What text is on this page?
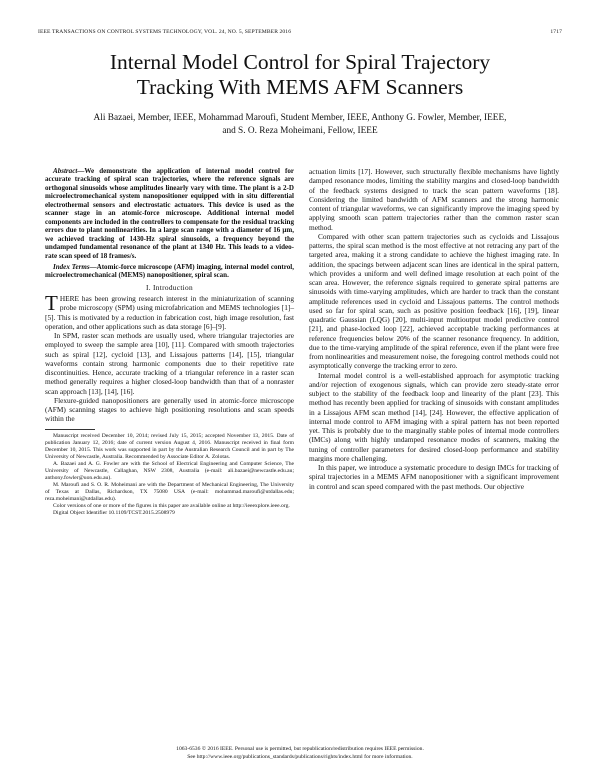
IEEE TRANSACTIONS ON CONTROL SYSTEMS TECHNOLOGY, VOL. 24, NO. 5, SEPTEMBER 2016	1717
Internal Model Control for Spiral Trajectory
Tracking With MEMS AFM Scanners
Ali Bazaei, Member, IEEE, Mohammad Maroufi, Student Member, IEEE, Anthony G. Fowler, Member, IEEE,
and S. O. Reza Moheimani, Fellow, IEEE

Abstract—We demonstrate the application of internal model control for accurate tracking of spiral scan trajectories, where the reference signals are orthogonal sinusoids whose amplitudes linearly vary with time. The plant is a 2-D microelectromechanical system nanopositioner equipped with in situ differential electrothermal sensors and electrostatic actuators. This device is used as the scanner stage in an atomic-force microscope. Additional internal model components are included in the controllers to compensate for the residual tracking errors due to plant nonlinearities. In a large scan range with a diameter of 16 μm, we achieved tracking of 1430-Hz spiral sinusoids, a frequency beyond the undamped fundamental resonance of the plant at 1340 Hz. This leads to a video-rate scan speed of 18 frames/s.

Index Terms—Atomic-force microscope (AFM) imaging, internal model control, microelectromechanical (MEMS) nanopositioner, spiral scan.

I. Introduction

THERE has been growing research interest in the miniaturization of scanning probe microscopy (SPM) using microfabrication and MEMS technologies [1]–[5]. This is motivated by a reduction in fabrication cost, high image resolution, fast operation, and other applications such as data storage [6]–[9].

In SPM, raster scan methods are usually used, where triangular trajectories are employed to sweep the sample area [10], [11]. Compared with smooth trajectories such as spiral [12], cycloid [13], and Lissajous patterns [14], [15], triangular waveforms contain strong harmonic components due to their repetitive rate discontinuities. Hence, accurate tracking of a triangular reference in a raster scan method generally requires a higher closed-loop bandwidth than that of a nonraster scan approach [13], [14], [16].

Flexure-guided nanopositioners are generally used in atomic-force microscope (AFM) scanning stages to achieve high positioning resolutions and scan speeds within the

Manuscript received December 10, 2014; revised July 15, 2015; accepted November 13, 2015. Date of publication January 12, 2016; date of current version August 4, 2016. Manuscript received in final form December 10, 2015. This work was supported in part by the Australian Research Council and in part by The University of Newcastle, Australia. Recommended by Associate Editor A. Zolotas.

A. Bazaei and A. G. Fowler are with the School of Electrical Engineering and Computer Science, The University of Newcastle, Callaghan, NSW 2308, Australia (e-mail: ali.bazaei@newcastle.edu.au; anthony.fowler@uon.edu.au).

M. Maroufi and S. O. R. Moheimani are with the Department of Mechanical Engineering, The University of Texas at Dallas, Richardson, TX 75080 USA (e-mail: mohammad.maroufi@utdallas.edu; reza.moheimani@utdallas.edu).

Color versions of one or more of the figures in this paper are available online at http://ieeexplore.ieee.org.

Digital Object Identifier 10.1109/TCST.2015.2508979

actuation limits [17]. However, such structurally flexible mechanisms have lightly damped resonance modes, limiting the stability margins and closed-loop bandwidth of the feedback systems designed to track the scan pattern waveforms [18]. Considering the limited bandwidth of AFM scanners and the strong harmonic content of triangular waveforms, we can significantly improve the imaging speed by applying smooth scan pattern trajectories rather than the common raster scan method.

Compared with other scan pattern trajectories such as cycloids and Lissajous patterns, the spiral scan method is the most effective at not retracing any part of the targeted area, making it a strong candidate to achieve the highest imaging rate. In addition, the spacings between adjacent scan lines are identical in the spiral pattern, which provides a uniform and well defined image resolution at each point of the scan area. However, the reference signals required to generate spiral patterns are sinusoids with time-varying amplitudes, which are harder to track than the constant amplitude references used in cycloid and Lissajous patterns. The control methods used so far for spiral scan, such as positive position feedback [16], [19], linear quadratic Gaussian (LQG) [20], multi-input multioutput model predictive control [21], and phase-locked loop [22], achieved acceptable tracking performances at reference frequencies below 20% of the scanner resonance frequency. In addition, due to the time-varying amplitude of the spiral reference, even if the plant were free from nonlinearities and measurement noise, the foregoing control methods could not asymptotically converge the tracking error to zero.

Internal model control is a well-established approach for asymptotic tracking and/or rejection of exogenous signals, which can provide zero steady-state error subject to the stability of the feedback loop and linearity of the plant [23]. This method has recently been applied for tracking of sinusoids with constant amplitudes in a Lissajous AFM scan method [14], [24]. However, the effective application of internal mode control to AFM imaging with a spiral pattern has not been reported yet. This is probably due to the marginally stable poles of internal mode controllers (IMCs) along with highly undamped resonance modes of scanners, making the tuning of controller parameters for desired closed-loop performance and stability margins more challenging.

In this paper, we introduce a systematic procedure to design IMCs for tracking of spiral trajectories in a MEMS AFM nanopositioner with a significant improvement in control and scan speed compared with the past methods. Our objective

1063-6536 © 2016 IEEE. Personal use is permitted, but republication/redistribution requires IEEE permission.
See http://www.ieee.org/publications_standards/publications/rights/index.html for more information.
